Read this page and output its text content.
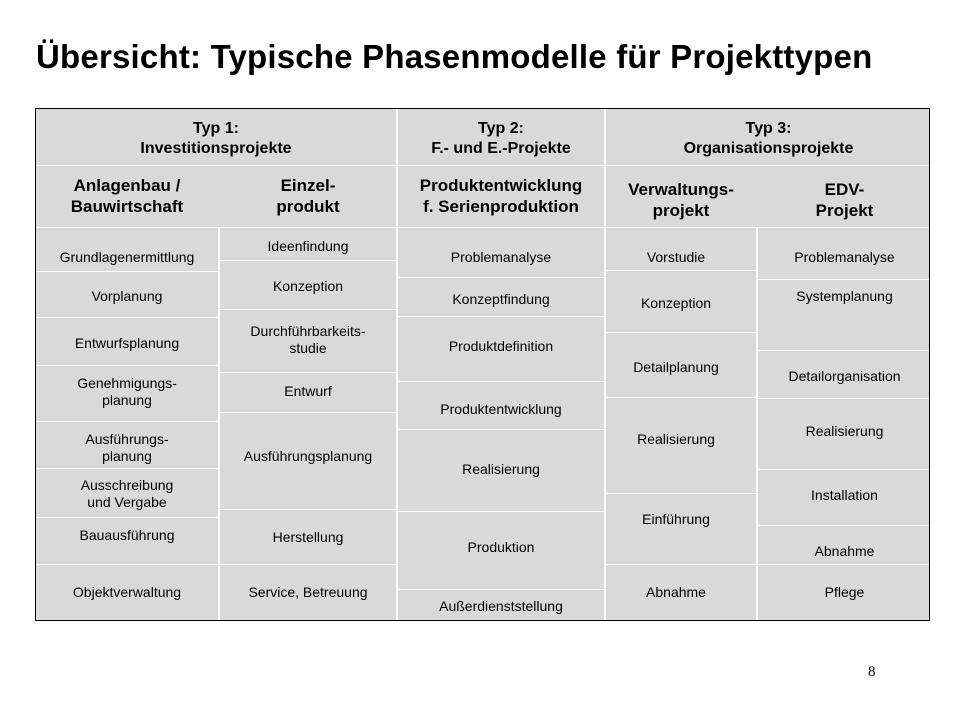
Übersicht: Typische Phasenmodelle für Projekttypen
Typ 1:
Investitionsprojekte
Typ 2:
F.- und E.-Projekte
Typ 3:
Organisationsprojekte
Anlagenbau /
Bauwirtschaft
Einzel-
produkt
Produktentwicklung
f. Serienproduktion
Verwaltungs-
projekt
EDV-
Projekt
Grundlagenermittlung
Vorplanung
Entwurfsplanung
Genehmigungs-
planung
Ausführungs-
planung
Ausschreibung
und Vergabe
Bauausführung
Objektverwaltung
Ideenfindung
Konzeption
Durchführbarkeits-
studie
Entwurf
Ausführungsplanung
Herstellung
Service, Betreuung
Problemanalyse
Konzeptfindung
Produktdefinition
Produktentwicklung
Realisierung
Produktion
Außerdienststellung
Vorstudie
Konzeption
Detailplanung
Realisierung
Einführung
Abnahme
Problemanalyse
Systemplanung
Detailorganisation
Realisierung
Installation
Abnahme
Pflege
8
